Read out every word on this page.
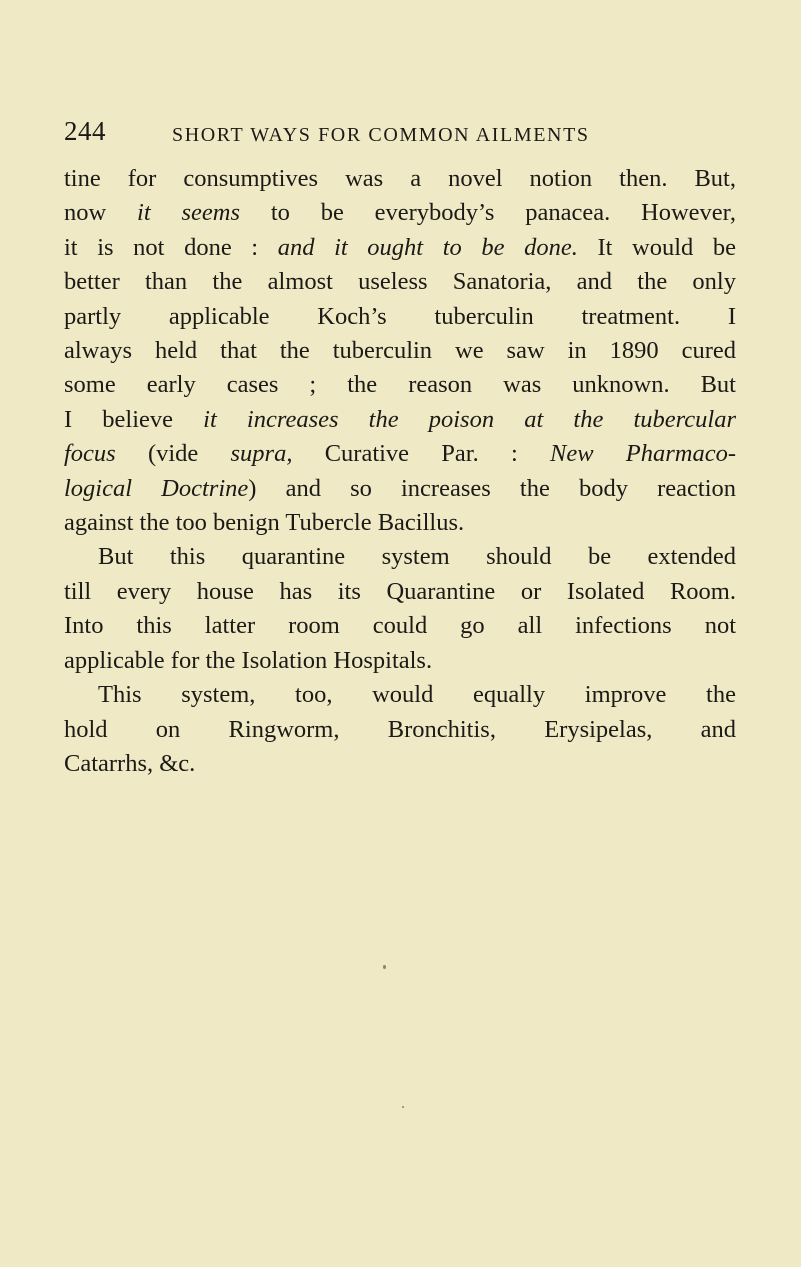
244	SHORT WAYS FOR COMMON AILMENTS
tine for consumptives was a novel notion then. But,
now it seems to be everybody’s panacea. However,
it is not done : and it ought to be done. It would be
better than the almost useless Sanatoria, and the only
partly applicable Koch’s tuberculin treatment. I
always held that the tuberculin we saw in 1890 cured
some early cases ; the reason was unknown. But
I believe it increases the poison at the tubercular
focus (vide supra, Curative Par. : New Pharmaco-
logical Doctrine) and so increases the body reaction
against the too benign Tubercle Bacillus.
But this quarantine system should be extended
till every house has its Quarantine or Isolated Room.
Into this latter room could go all infections not
applicable for the Isolation Hospitals.
This system, too, would equally improve the
hold on Ringworm, Bronchitis, Erysipelas, and
Catarrhs, &c.
